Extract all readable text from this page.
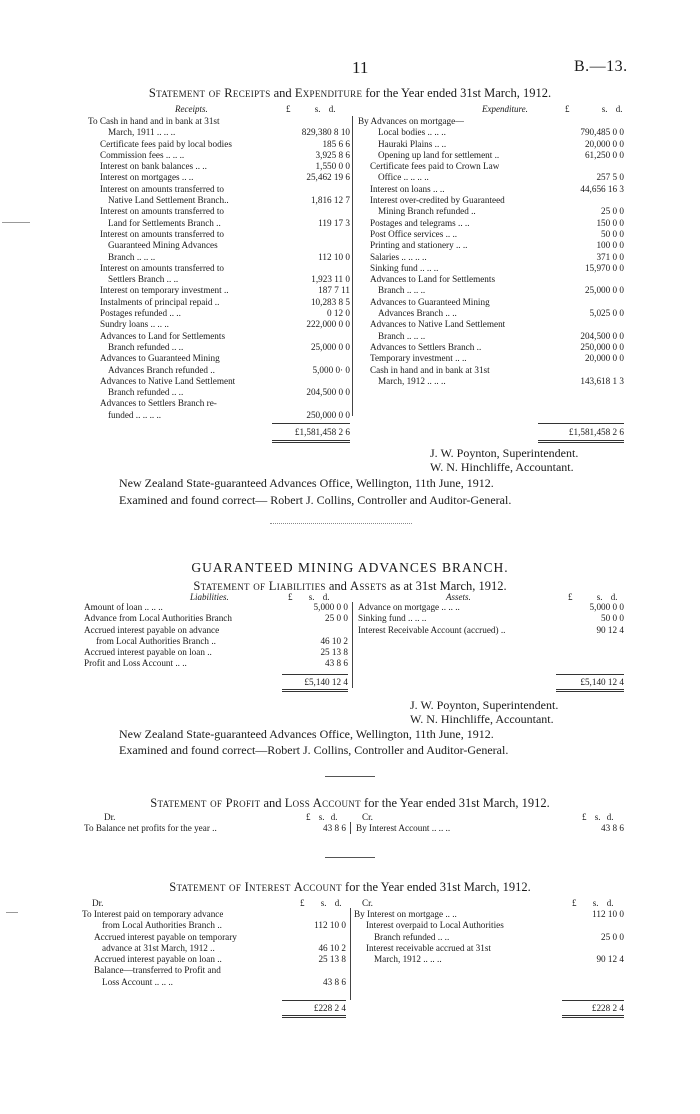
11	B.—13.
Statement of Receipts and Expenditure for the Year ended 31st March, 1912.
Receipts.	Expenditure.
£	s. d.	£	s. d.
To Cash in hand and in bank at 31st
March, 1911 .. .. ..	829,380 8 10
Certificate fees paid by local bodies	185 6 6
Commission fees .. .. ..	3,925 8 6
Interest on bank balances .. ..	1,550 0 0
Interest on mortgages .. ..	25,462 19 6
Interest on amounts transferred to
Native Land Settlement Branch..	1,816 12 7
Interest on amounts transferred to
Land for Settlements Branch ..	119 17 3
Interest on amounts transferred to
Guaranteed Mining Advances
Branch .. .. ..	112 10 0
Interest on amounts transferred to
Settlers Branch .. ..	1,923 11 0
Interest on temporary investment ..	187 7 11
Instalments of principal repaid ..	10,283 8 5
Postages refunded .. ..	0 12 0
Sundry loans .. .. ..	222,000 0 0
Advances to Land for Settlements
Branch refunded .. ..	25,000 0 0
Advances to Guaranteed Mining
Advances Branch refunded ..	5,000 0· 0
Advances to Native Land Settlement
Branch refunded .. ..	204,500 0 0
Advances to Settlers Branch re-
funded .. .. .. ..	250,000 0 0
By Advances on mortgage—
Local bodies .. .. ..	790,485 0 0
Hauraki Plains .. ..	20,000 0 0
Opening up land for settlement ..	61,250 0 0
Certificate fees paid to Crown Law
Office .. .. .. ..	257 5 0
Interest on loans .. ..	44,656 16 3
Interest over-credited by Guaranteed
Mining Branch refunded ..	25 0 0
Postages and telegrams .. ..	150 0 0
Post Office services .. ..	50 0 0
Printing and stationery .. ..	100 0 0
Salaries .. .. .. ..	371 0 0
Sinking fund .. .. ..	15,970 0 0
Advances to Land for Settlements
Branch .. .. ..	25,000 0 0
Advances to Guaranteed Mining
Advances Branch .. ..	5,025 0 0
Advances to Native Land Settlement
Branch .. .. ..	204,500 0 0
Advances to Settlers Branch ..	250,000 0 0
Temporary investment .. ..	20,000 0 0
Cash in hand and in bank at 31st
March, 1912 .. .. ..	143,618 1 3
£1,581,458 2 6	£1,581,458 2 6
J. W. Poynton, Superintendent.
W. N. Hinchliffe, Accountant.
New Zealand State-guaranteed Advances Office, Wellington, 11th June, 1912.
Examined and found correct— Robert J. Collins, Controller and Auditor-General.
GUARANTEED MINING ADVANCES BRANCH.
Statement of Liabilities and Assets as at 31st March, 1912.
Liabilities.	Assets.
£ s. d.	£	s. d.
Amount of loan .. .. ..	5,000 0 0
Advance from Local Authorities Branch	25 0 0
Accrued interest payable on advance
from Local Authorities Branch ..	46 10 2
Accrued interest payable on loan ..	25 13 8
Profit and Loss Account .. ..	43 8 6
Advance on mortgage .. .. ..	5,000 0 0
Sinking fund .. .. ..	50 0 0
Interest Receivable Account (accrued) ..	90 12 4
£5,140 12 4	£5,140 12 4
J. W. Poynton, Superintendent.
W. N. Hinchliffe, Accountant.
New Zealand State-guaranteed Advances Office, Wellington, 11th June, 1912.
Examined and found correct—Robert J. Collins, Controller and Auditor-General.
Statement of Profit and Loss Account for the Year ended 31st March, 1912.
Dr.	Cr.
£ s. d.	£ s. d.
To Balance net profits for the year ..	43 8 6 By Interest Account .. .. ..	43 8 6
Statement of Interest Account for the Year ended 31st March, 1912.
Dr.	Cr.
£ s. d.	£ s. d.
To Interest paid on temporary advance
from Local Authorities Branch ..	112 10 0
Accrued interest payable on temporary
advance at 31st March, 1912 ..	46 10 2
Accrued interest payable on loan ..	25 13 8
Balance—transferred to Profit and
Loss Account .. .. ..	43 8 6
By Interest on mortgage .. ..	112 10 0
Interest overpaid to Local Authorities
Branch refunded .. ..	25 0 0
Interest receivable accrued at 31st
March, 1912 .. .. ..	90 12 4
£228 2 4	£228 2 4
